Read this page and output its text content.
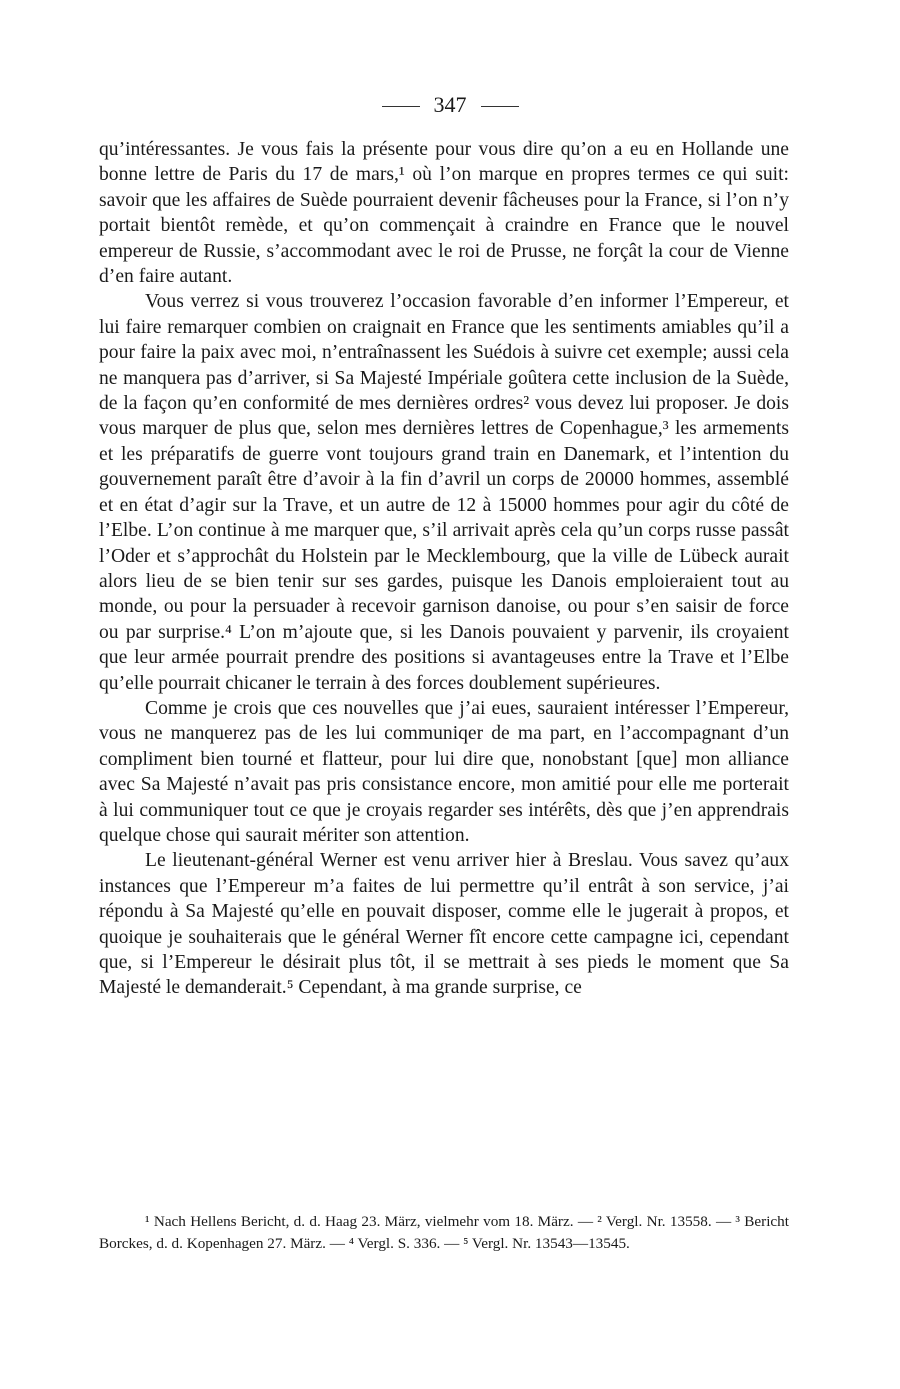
347

qu’intéressantes. Je vous fais la présente pour vous dire qu’on a eu en Hollande une bonne lettre de Paris du 17 de mars,¹ où l’on marque en propres termes ce qui suit: savoir que les affaires de Suède pourraient devenir fâcheuses pour la France, si l’on n’y portait bientôt remède, et qu’on commençait à craindre en France que le nouvel empereur de Russie, s’accommodant avec le roi de Prusse, ne forçât la cour de Vienne d’en faire autant.

Vous verrez si vous trouverez l’occasion favorable d’en informer l’Empereur, et lui faire remarquer combien on craignait en France que les sentiments amiables qu’il a pour faire la paix avec moi, n’entraînassent les Suédois à suivre cet exemple; aussi cela ne manquera pas d’arriver, si Sa Majesté Impériale goûtera cette inclusion de la Suède, de la façon qu’en conformité de mes dernières ordres² vous devez lui proposer. Je dois vous marquer de plus que, selon mes dernières lettres de Copenhague,³ les armements et les préparatifs de guerre vont toujours grand train en Danemark, et l’intention du gouvernement paraît être d’avoir à la fin d’avril un corps de 20000 hommes, assemblé et en état d’agir sur la Trave, et un autre de 12 à 15000 hommes pour agir du côté de l’Elbe. L’on continue à me marquer que, s’il arrivait après cela qu’un corps russe passât l’Oder et s’approchât du Holstein par le Mecklembourg, que la ville de Lübeck aurait alors lieu de se bien tenir sur ses gardes, puisque les Danois emploieraient tout au monde, ou pour la persuader à recevoir garnison danoise, ou pour s’en saisir de force ou par surprise.⁴ L’on m’ajoute que, si les Danois pouvaient y parvenir, ils croyaient que leur armée pourrait prendre des positions si avantageuses entre la Trave et l’Elbe qu’elle pourrait chicaner le terrain à des forces doublement supérieures.

Comme je crois que ces nouvelles que j’ai eues, sauraient intéresser l’Empereur, vous ne manquerez pas de les lui communiqer de ma part, en l’accompagnant d’un compliment bien tourné et flatteur, pour lui dire que, nonobstant [que] mon alliance avec Sa Majesté n’avait pas pris consistance encore, mon amitié pour elle me porterait à lui communiquer tout ce que je croyais regarder ses intérêts, dès que j’en apprendrais quelque chose qui saurait mériter son attention.

Le lieutenant-général Werner est venu arriver hier à Breslau. Vous savez qu’aux instances que l’Empereur m’a faites de lui permettre qu’il entrât à son service, j’ai répondu à Sa Majesté qu’elle en pouvait disposer, comme elle le jugerait à propos, et quoique je souhaiterais que le général Werner fît encore cette campagne ici, cependant que, si l’Empereur le désirait plus tôt, il se mettrait à ses pieds le moment que Sa Majesté le demanderait.⁵ Cependant, à ma grande surprise, ce

¹ Nach Hellens Bericht, d. d. Haag 23. März, vielmehr vom 18. März. — ² Vergl. Nr. 13558. — ³ Bericht Borckes, d. d. Kopenhagen 27. März. — ⁴ Vergl. S. 336. — ⁵ Vergl. Nr. 13543—13545.
